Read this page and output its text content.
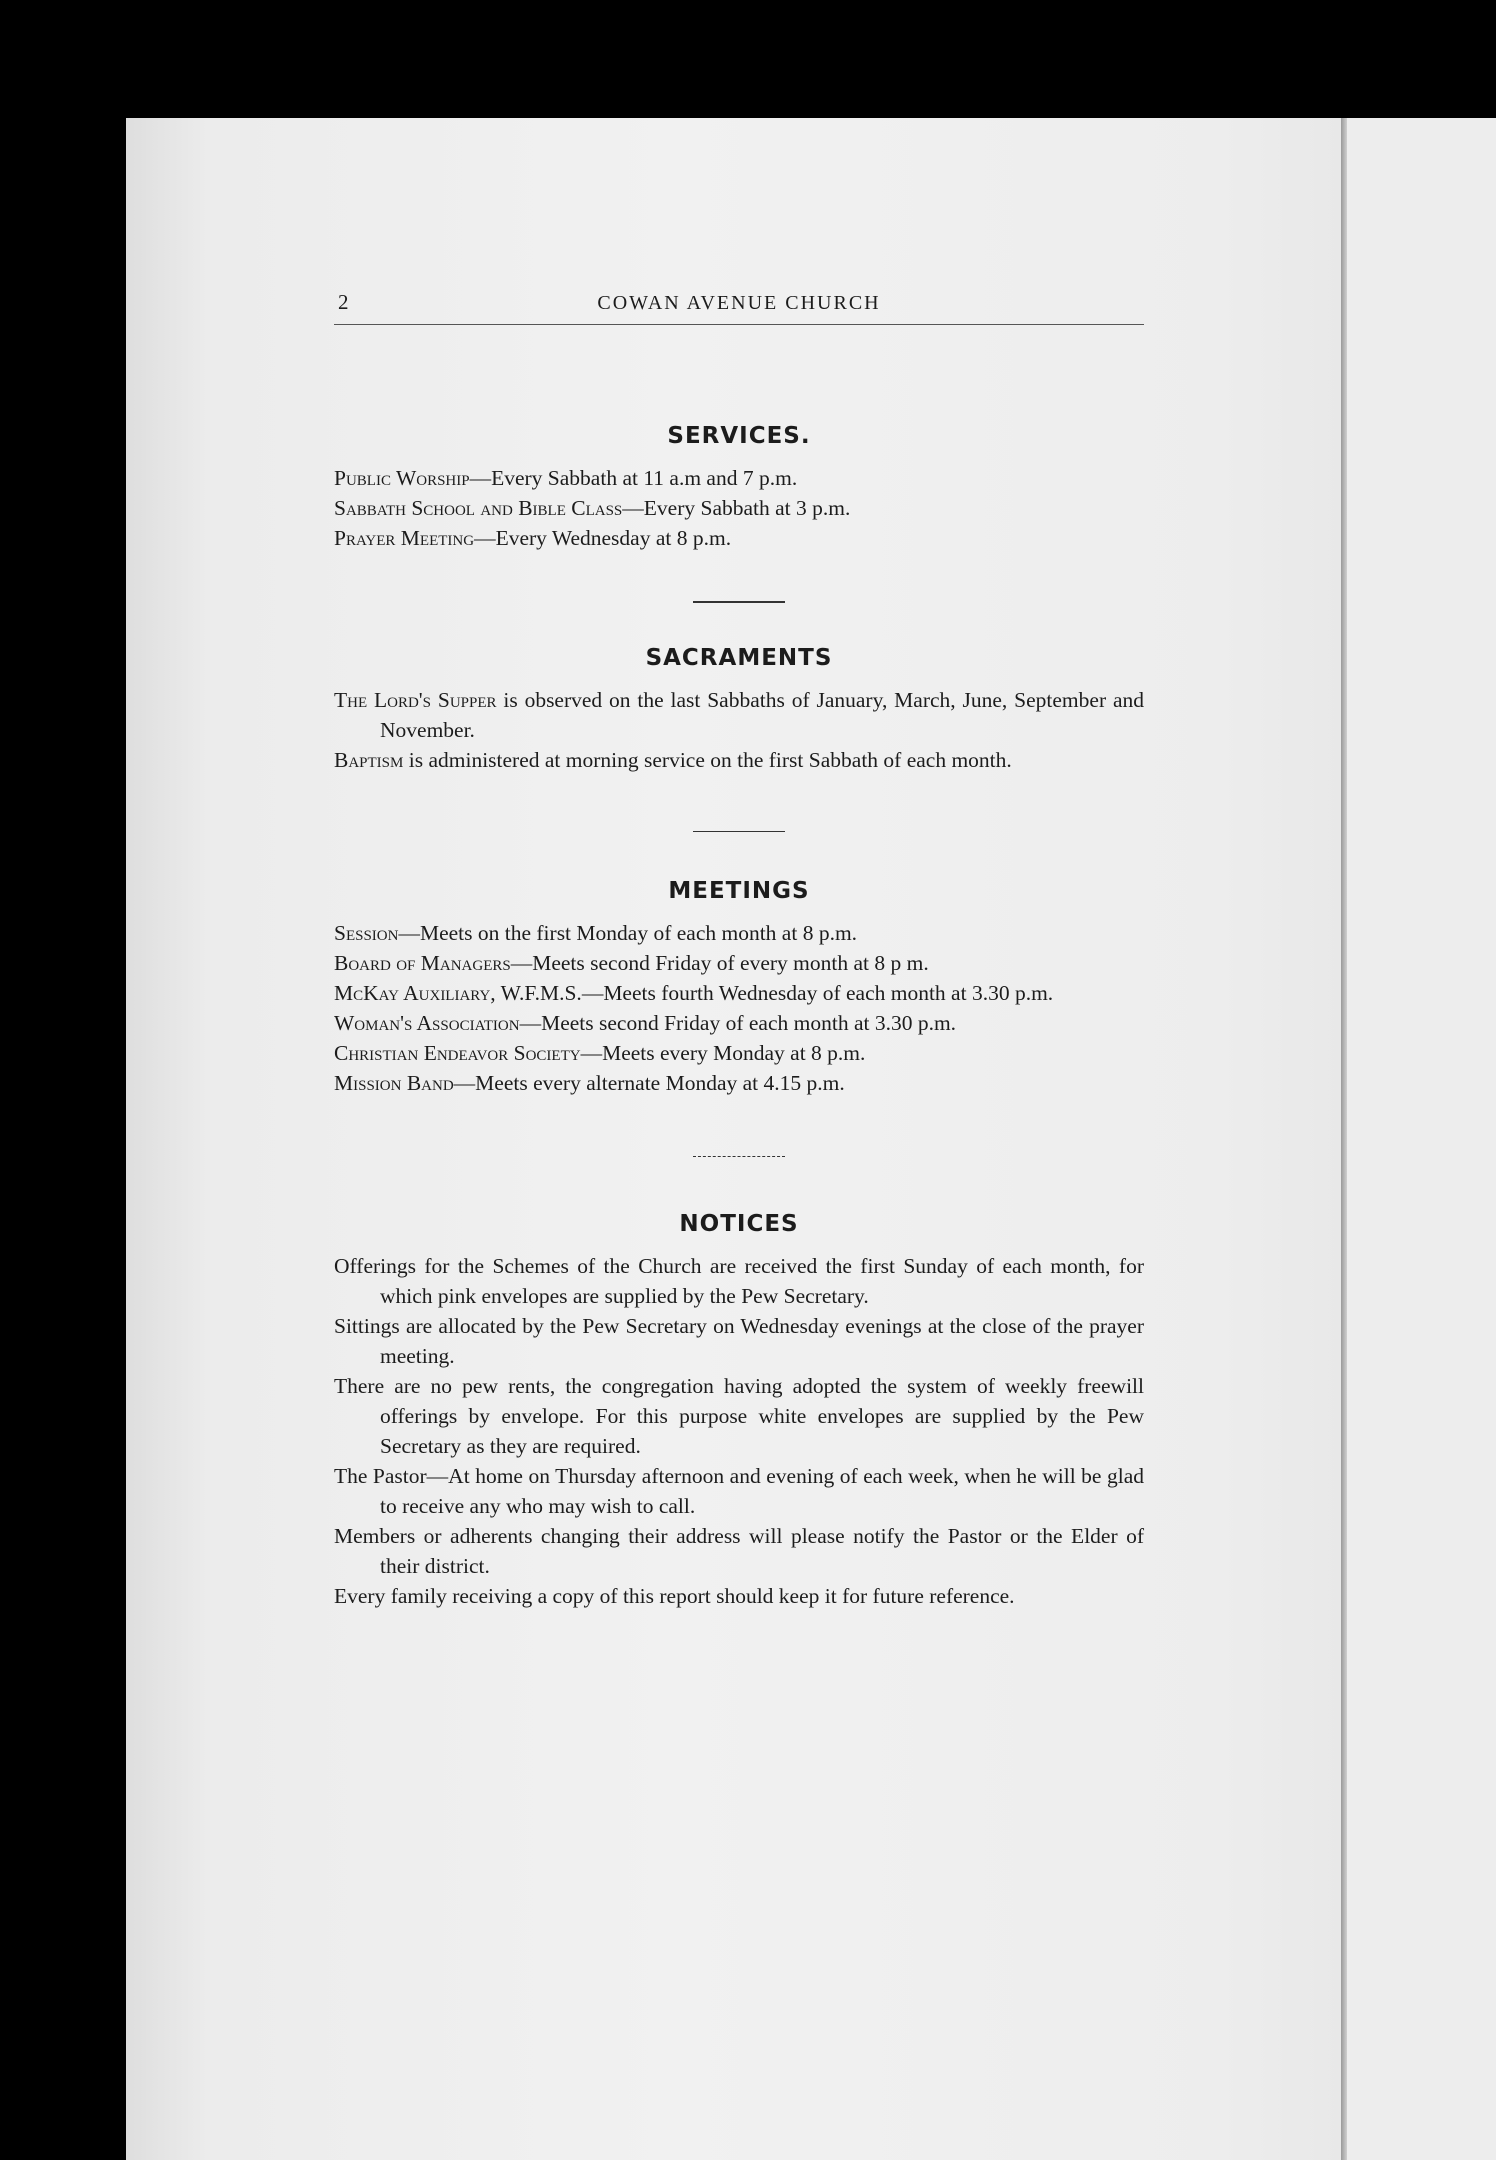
2	COWAN AVENUE CHURCH
SERVICES.
Public Worship—Every Sabbath at 11 a.m and 7 p.m.
Sabbath School and Bible Class—Every Sabbath at 3 p.m.
Prayer Meeting—Every Wednesday at 8 p.m.
SACRAMENTS
The Lord's Supper is observed on the last Sabbaths of January, March, June, September and November.
Baptism is administered at morning service on the first Sabbath of each month.
MEETINGS
Session—Meets on the first Monday of each month at 8 p.m.
Board of Managers—Meets second Friday of every month at 8 p m.
McKay Auxiliary, W.F.M.S.—Meets fourth Wednesday of each month at 3.30 p.m.
Woman's Association—Meets second Friday of each month at 3.30 p.m.
Christian Endeavor Society—Meets every Monday at 8 p.m.
Mission Band—Meets every alternate Monday at 4.15 p.m.
NOTICES
Offerings for the Schemes of the Church are received the first Sunday of each month, for which pink envelopes are supplied by the Pew Secretary.
Sittings are allocated by the Pew Secretary on Wednesday evenings at the close of the prayer meeting.
There are no pew rents, the congregation having adopted the system of weekly freewill offerings by envelope. For this purpose white envelopes are supplied by the Pew Secretary as they are required.
The Pastor—At home on Thursday afternoon and evening of each week, when he will be glad to receive any who may wish to call.
Members or adherents changing their address will please notify the Pastor or the Elder of their district.
Every family receiving a copy of this report should keep it for future reference.
